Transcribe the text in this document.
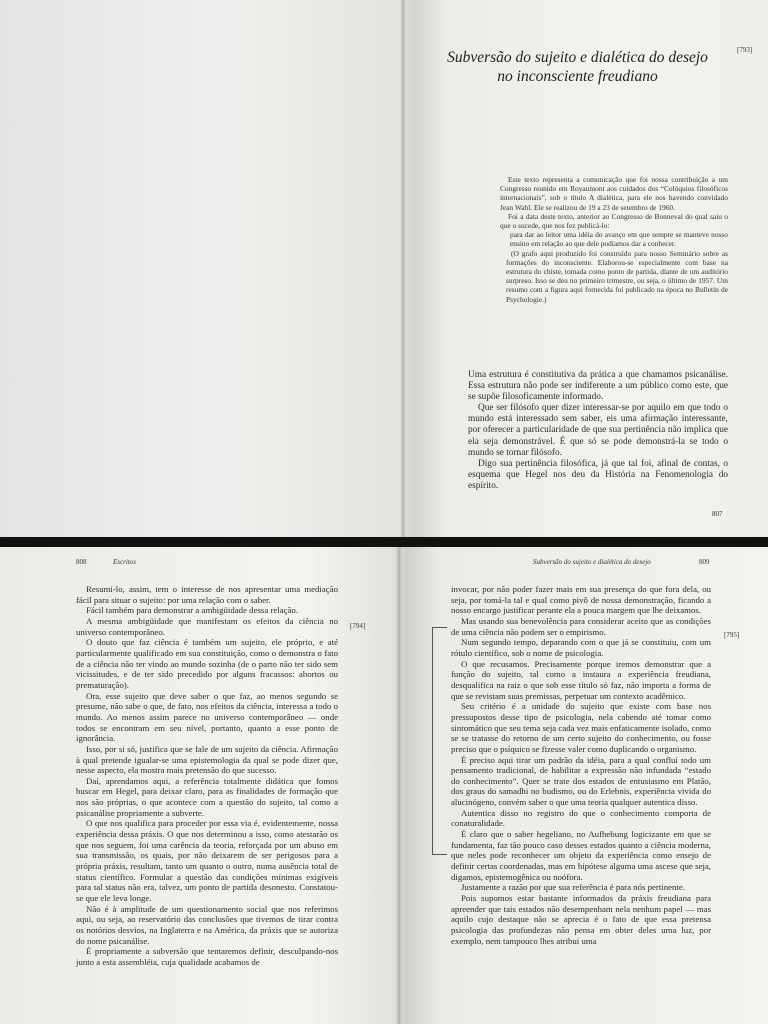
Subversão do sujeito e dialética do desejo
no inconsciente freudiano
[793]

Este texto representa a comunicação que foi nossa contribuição a um Congresso reunido em Royaumont aos cuidados dos “Colóquios filosóficos internacionais”, sob o título A dialética, para ele nos havendo convidado Jean Wahl. Ele se realizou de 19 a 23 de setembro de 1960.

Foi a data deste texto, anterior ao Congresso de Bonneval do qual saiu o que o sucede, que nos fez publicá-lo:

para dar ao leitor uma idéia do avanço em que sempre se manteve nosso ensino em relação ao que dele podíamos dar a conhecer.

(O grafo aqui produzido foi construído para nosso Seminário sobre as formações do inconsciente. Elaborou-se especialmente com base na estrutura do chiste, tomada como ponto de partida, diante de um auditório surpreso. Isso se deu no primeiro trimestre, ou seja, o último de 1957. Um resumo com a figura aqui fornecida foi publicado na época no Bulletin de Psychologie.)

Uma estrutura é constitutiva da prática a que chamamos psicanálise. Essa estrutura não pode ser indiferente a um público como este, que se supõe filosoficamente informado.

Que ser filósofo quer dizer interessar-se por aquilo em que todo o mundo está interessado sem saber, eis uma afirmação interessante, por oferecer a particularidade de que sua pertinência não implica que ela seja demonstrável. É que só se pode demonstrá-la se todo o mundo se tornar filósofo.

Digo sua pertinência filosófica, já que tal foi, afinal de contas, o esquema que Hegel nos deu da História na Fenomenologia do espírito.

807
808	Escritos	Subversão do sujeito e dialética do desejo	809
[794]
[795]

Resumi-lo, assim, tem o interesse de nos apresentar uma mediação fácil para situar o sujeito: por uma relação com o saber.

Fácil também para demonstrar a ambigüidade dessa relação.

A mesma ambigüidade que manifestam os efeitos da ciência no universo contemporâneo.

O douto que faz ciência é também um sujeito, ele próprio, e até particularmente qualificado em sua constituição, como o demonstra o fato de a ciência não ter vindo ao mundo sozinha (de o parto não ter sido sem vicissitudes, e de ter sido precedido por alguns fracassos: abortos ou prematuração).

Ora, esse sujeito que deve saber o que faz, ao menos segundo se presume, não sabe o que, de fato, nos efeitos da ciência, interessa a todo o mundo. Ao menos assim parece no universo contemporâneo — onde todos se encontram em seu nível, portanto, quanto a esse ponto de ignorância.

Isso, por si só, justifica que se fale de um sujeito da ciência. Afirmação à qual pretende igualar-se uma epistemologia da qual se pode dizer que, nesse aspecto, ela mostra mais pretensão do que sucesso.

Daí, aprendamos aqui, a referência totalmente didática que fomos buscar em Hegel, para deixar claro, para as finalidades de formação que nos são próprias, o que acontece com a questão do sujeito, tal como a psicanálise propriamente a subverte.

O que nos qualifica para proceder por essa via é, evidentemente, nossa experiência dessa práxis. O que nos determinou a isso, como atestarão os que nos seguem, foi uma carência da teoria, reforçada por um abuso em sua transmissão, os quais, por não deixarem de ser perigosos para a própria práxis, resultam, tanto um quanto o outro, numa ausência total de status científico. Formular a questão das condições mínimas exigíveis para tal status não era, talvez, um ponto de partida desonesto. Constatou-se que ele leva longe.

Não é à amplitude de um questionamento social que nos referimos aqui, ou seja, ao reservatório das conclusões que tivemos de tirar contra os notórios desvios, na Inglaterra e na América, da práxis que se autoriza do nome psicanálise.

É propriamente a subversão que tentaremos definir, desculpando-nos junto a esta assembléia, cuja qualidade acabamos de

invocar, por não poder fazer mais em sua presença do que fora dela, ou seja, por tomá-la tal e qual como pivô de nossa demonstração, ficando a nosso encargo justificar perante ela a pouca margem que lhe deixamos.

Mas usando sua benevolência para considerar aceito que as condições de uma ciência não podem ser o empirismo.

Num segundo tempo, deparando com o que já se constituiu, com um rótulo científico, sob o nome de psicologia.

O que recusamos. Precisamente porque iremos demonstrar que a função do sujeito, tal como a instaura a experiência freudiana, desqualifica na raiz o que sob esse título só faz, não importa a forma de que se revistam suas premissas, perpetuar um contexto acadêmico.

Seu critério é a unidade do sujeito que existe com base nos pressupostos desse tipo de psicologia, nela cabendo até tomar como sintomático que seu tema seja cada vez mais enfaticamente isolado, como se se tratasse do retorno de um certo sujeito do conhecimento, ou fosse preciso que o psíquico se fizesse valer como duplicando o organismo.

É preciso aqui tirar um padrão da idéia, para a qual confluí todo um pensamento tradicional, de habilitar a expressão não infundada “estado do conhecimento”. Quer se trate dos estados de entusiasmo em Platão, dos graus do samadhi no budismo, ou do Erlebnis, experiência vivida do alucinógeno, convém saber o que uma teoria qualquer autentica disso.

Autentica disso no registro do que o conhecimento comporta de conaturalidade.

É claro que o saber hegeliano, no Aufhebung logicizante em que se fundamenta, faz tão pouco caso desses estados quanto a ciência moderna, que neles pode reconhecer um objeto da experiência como ensejo de definir certas coordenadas, mas em hipótese alguma uma ascese que seja, digamos, epistemogênica ou noófora.

Justamente a razão por que sua referência é para nós pertinente.

Pois supomos estar bastante informados da práxis freudiana para apreender que tais estados não desempenham nela nenhum papel — mas aquilo cujo destaque não se aprecia é o fato de que essa pretensa psicologia das profundezas não pensa em obter deles uma luz, por exemplo, nem tampouco lhes atribui uma
